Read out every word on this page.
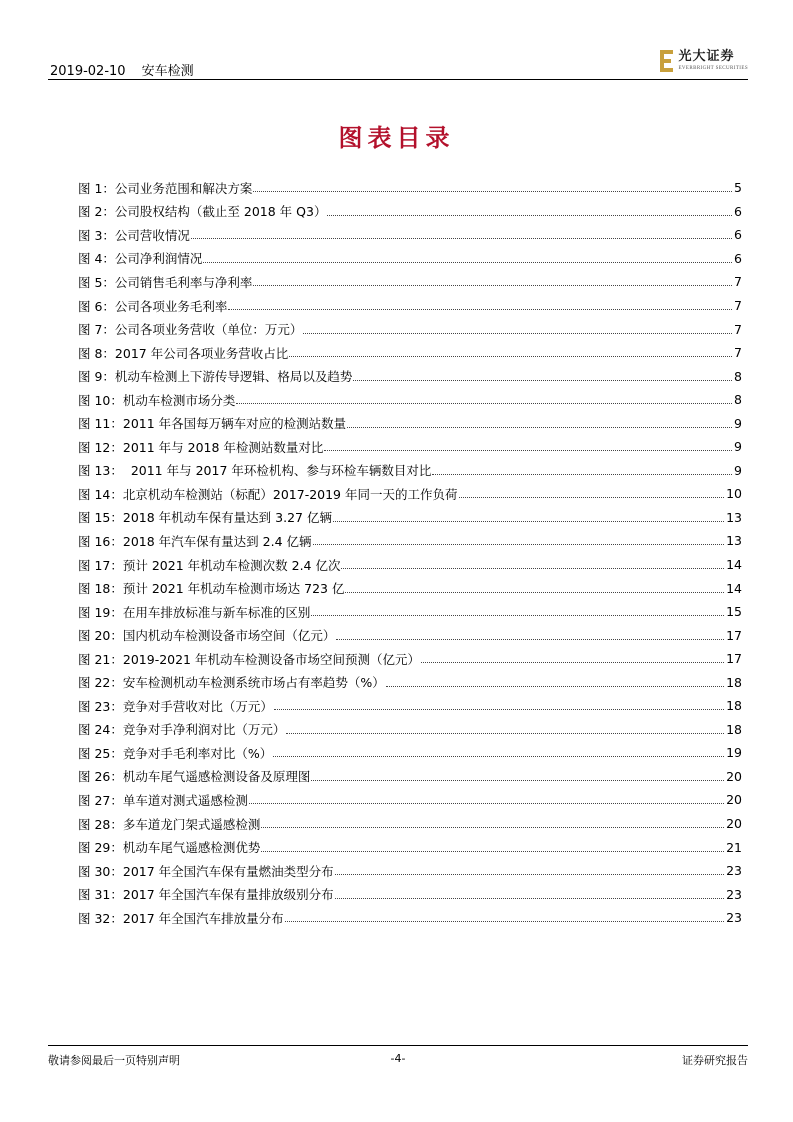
2019-02-10 安车检测
光大证券
EVERBRIGHT SECURITIES
图表目录
图 1：公司业务范围和解决方案	5
图 2：公司股权结构（截止至 2018 年 Q3）	6
图 3：公司营收情况	6
图 4：公司净利润情况	6
图 5：公司销售毛利率与净利率	7
图 6：公司各项业务毛利率	7
图 7：公司各项业务营收（单位：万元）	7
图 8：2017 年公司各项业务营收占比	7
图 9：机动车检测上下游传导逻辑、格局以及趋势	8
图 10：机动车检测市场分类	8
图 11：2011 年各国每万辆车对应的检测站数量	9
图 12：2011 年与 2018 年检测站数量对比	9
图 13：  2011 年与 2017 年环检机构、参与环检车辆数目对比	9
图 14：北京机动车检测站（标配）2017-2019 年同一天的工作负荷	10
图 15：2018 年机动车保有量达到 3.27 亿辆	13
图 16：2018 年汽车保有量达到 2.4 亿辆	13
图 17：预计 2021 年机动车检测次数 2.4 亿次	14
图 18：预计 2021 年机动车检测市场达 723 亿	14
图 19：在用车排放标准与新车标准的区别	15
图 20：国内机动车检测设备市场空间（亿元）	17
图 21：2019-2021 年机动车检测设备市场空间预测（亿元）	17
图 22：安车检测机动车检测系统市场占有率趋势（%）	18
图 23：竞争对手营收对比（万元）	18
图 24：竞争对手净利润对比（万元）	18
图 25：竞争对手毛利率对比（%）	19
图 26：机动车尾气遥感检测设备及原理图	20
图 27：单车道对测式遥感检测	20
图 28：多车道龙门架式遥感检测	20
图 29：机动车尾气遥感检测优势	21
图 30：2017 年全国汽车保有量燃油类型分布	23
图 31：2017 年全国汽车保有量排放级别分布	23
图 32：2017 年全国汽车排放量分布	23
敬请参阅最后一页特别声明	-4-	证券研究报告
